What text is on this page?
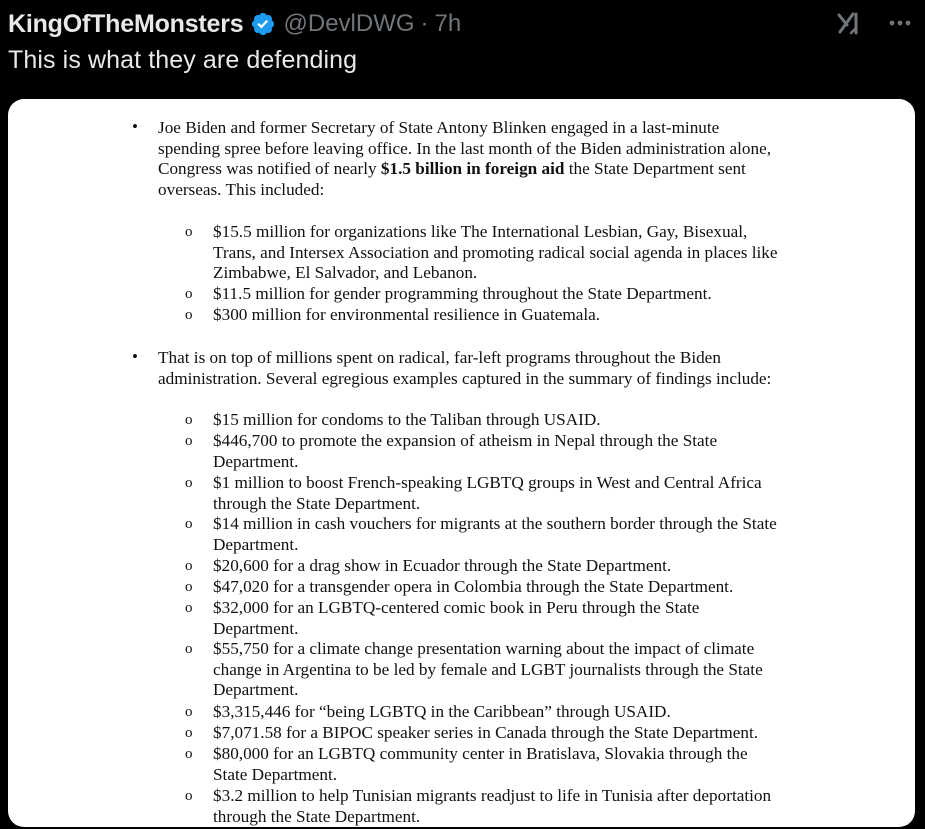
KingOfTheMonsters @DevlDWG · 7h
This is what they are defending
• Joe Biden and former Secretary of State Antony Blinken engaged in a last-minute
spending spree before leaving office. In the last month of the Biden administration alone,
Congress was notified of nearly $1.5 billion in foreign aid the State Department sent
overseas. This included:
o $15.5 million for organizations like The International Lesbian, Gay, Bisexual,
Trans, and Intersex Association and promoting radical social agenda in places like
Zimbabwe, El Salvador, and Lebanon.
o $11.5 million for gender programming throughout the State Department.
o $300 million for environmental resilience in Guatemala.
• That is on top of millions spent on radical, far-left programs throughout the Biden
administration. Several egregious examples captured in the summary of findings include:
o $15 million for condoms to the Taliban through USAID.
o $446,700 to promote the expansion of atheism in Nepal through the State
Department.
o $1 million to boost French-speaking LGBTQ groups in West and Central Africa
through the State Department.
o $14 million in cash vouchers for migrants at the southern border through the State
Department.
o $20,600 for a drag show in Ecuador through the State Department.
o $47,020 for a transgender opera in Colombia through the State Department.
o $32,000 for an LGBTQ-centered comic book in Peru through the State
Department.
o $55,750 for a climate change presentation warning about the impact of climate
change in Argentina to be led by female and LGBT journalists through the State
Department.
o $3,315,446 for “being LGBTQ in the Caribbean” through USAID.
o $7,071.58 for a BIPOC speaker series in Canada through the State Department.
o $80,000 for an LGBTQ community center in Bratislava, Slovakia through the
State Department.
o $3.2 million to help Tunisian migrants readjust to life in Tunisia after deportation
through the State Department.
